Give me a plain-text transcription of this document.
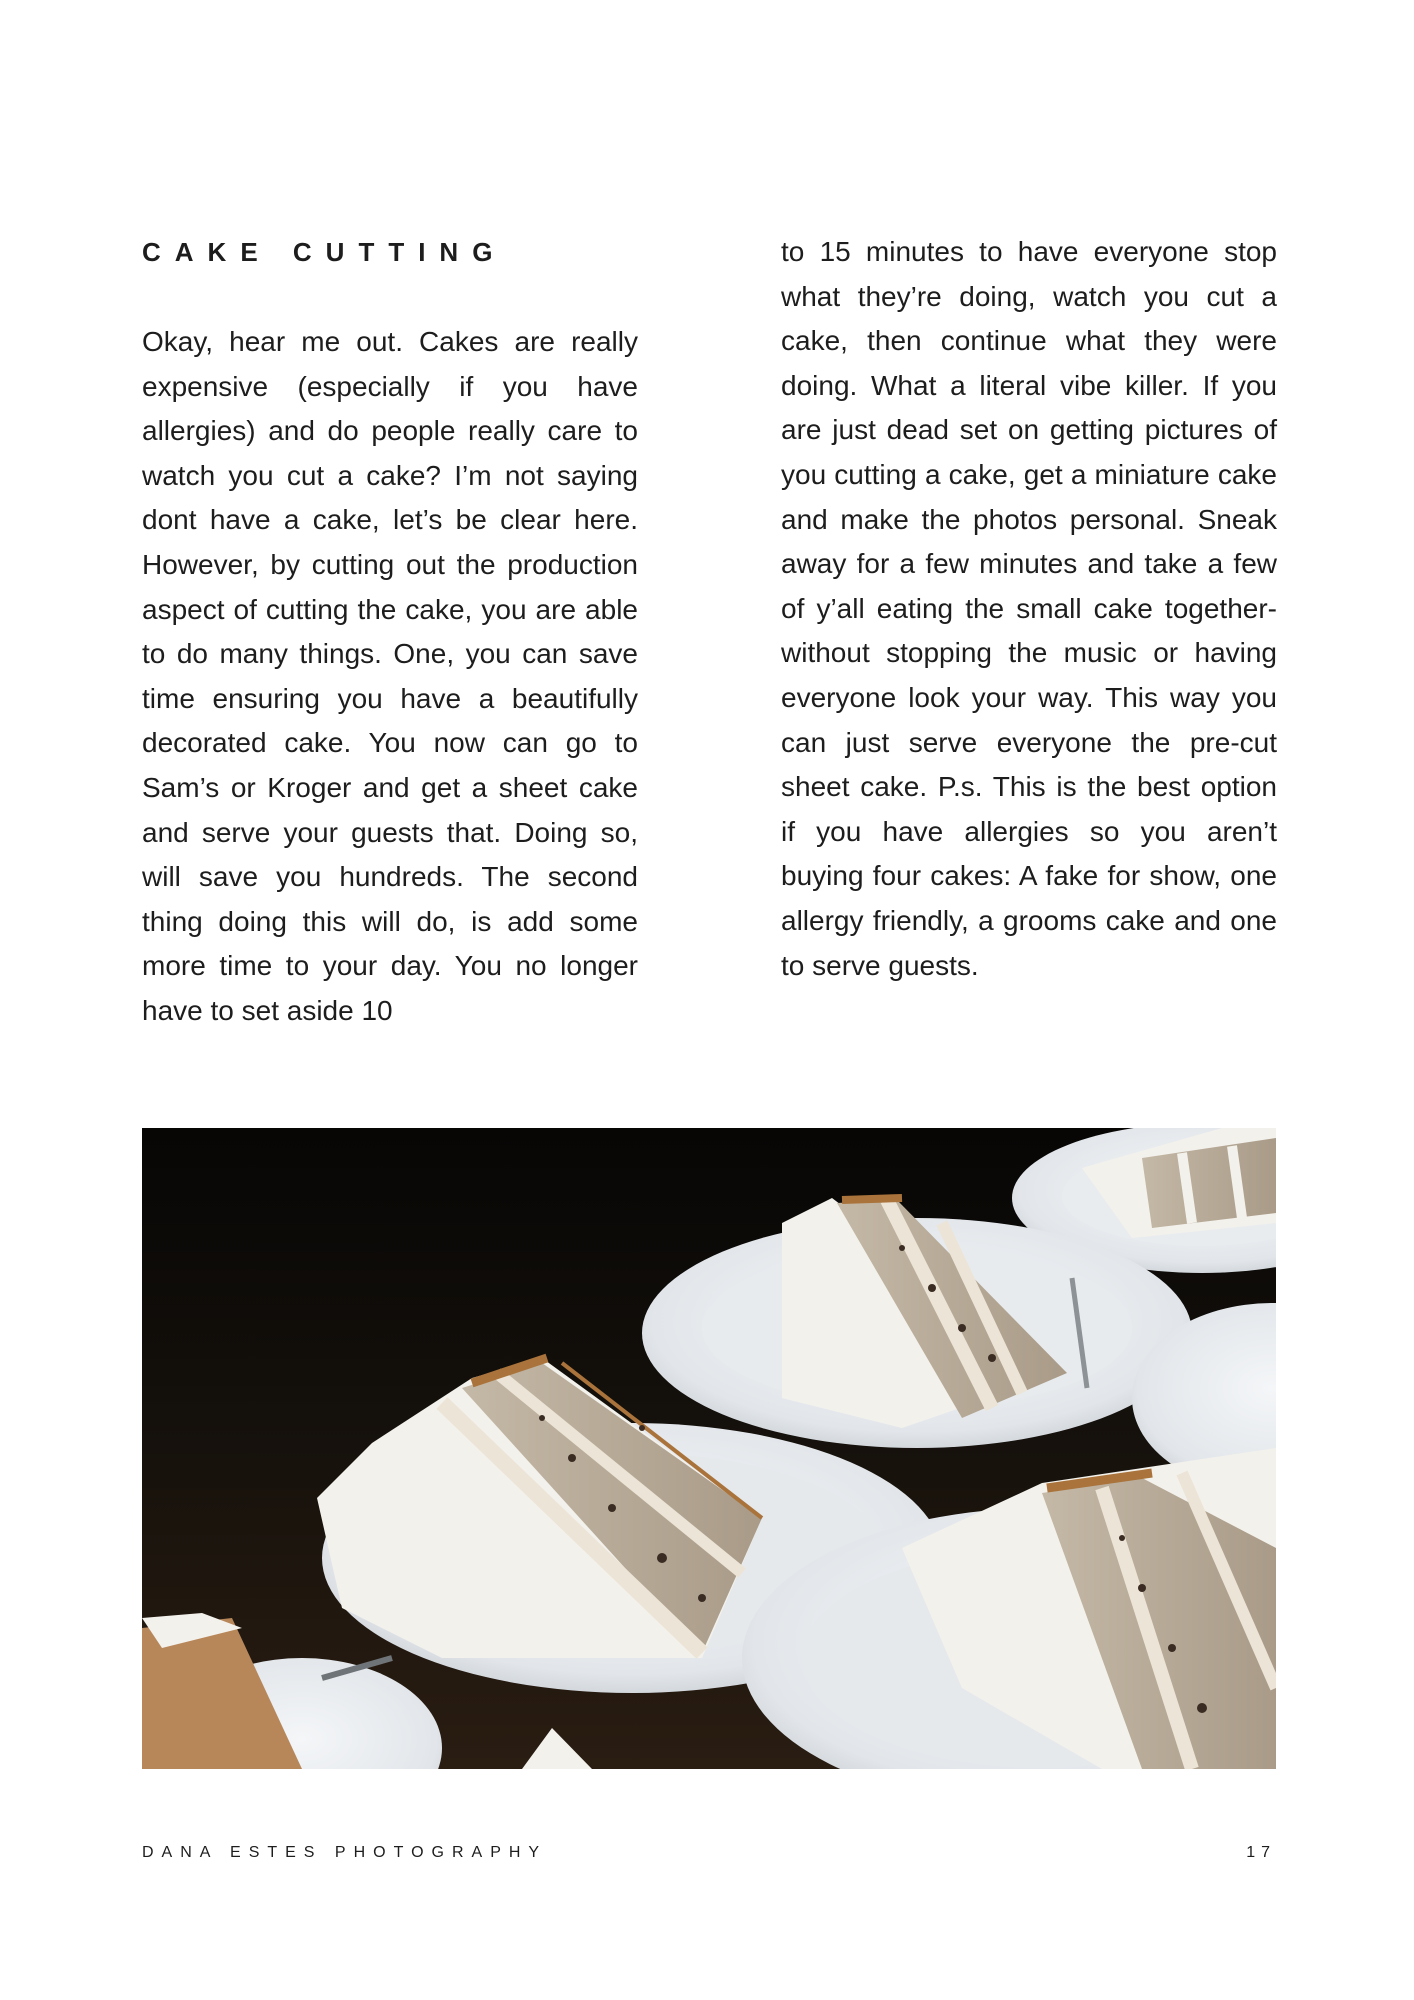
CAKE CUTTING

Okay, hear me out. Cakes are really expensive (especially if you have allergies) and do people really care to watch you cut a cake? I’m not saying dont have a cake, let’s be clear here. However, by cutting out the production aspect of cutting the cake, you are able to do many things. One, you can save time ensuring you have a beautifully decorated cake. You now can go to Sam’s or Kroger and get a sheet cake and serve your guests that. Doing so, will save you hundreds. The second thing doing this will do, is add some more time to your day. You no longer have to set aside 10

to 15 minutes to have everyone stop what they’re doing, watch you cut a cake, then continue what they were doing. What a literal vibe killer. If you are just dead set on getting pictures of you cutting a cake, get a miniature cake and make the photos personal. Sneak away for a few minutes and take a few of y’all eating the small cake together- without stopping the music or having everyone look your way. This way you can just serve everyone the pre-cut sheet cake. P.s. This is the best option if you have allergies so you aren’t buying four cakes: A fake for show, one allergy friendly, a grooms cake and one to serve guests.

DANA ESTES PHOTOGRAPHY	17
